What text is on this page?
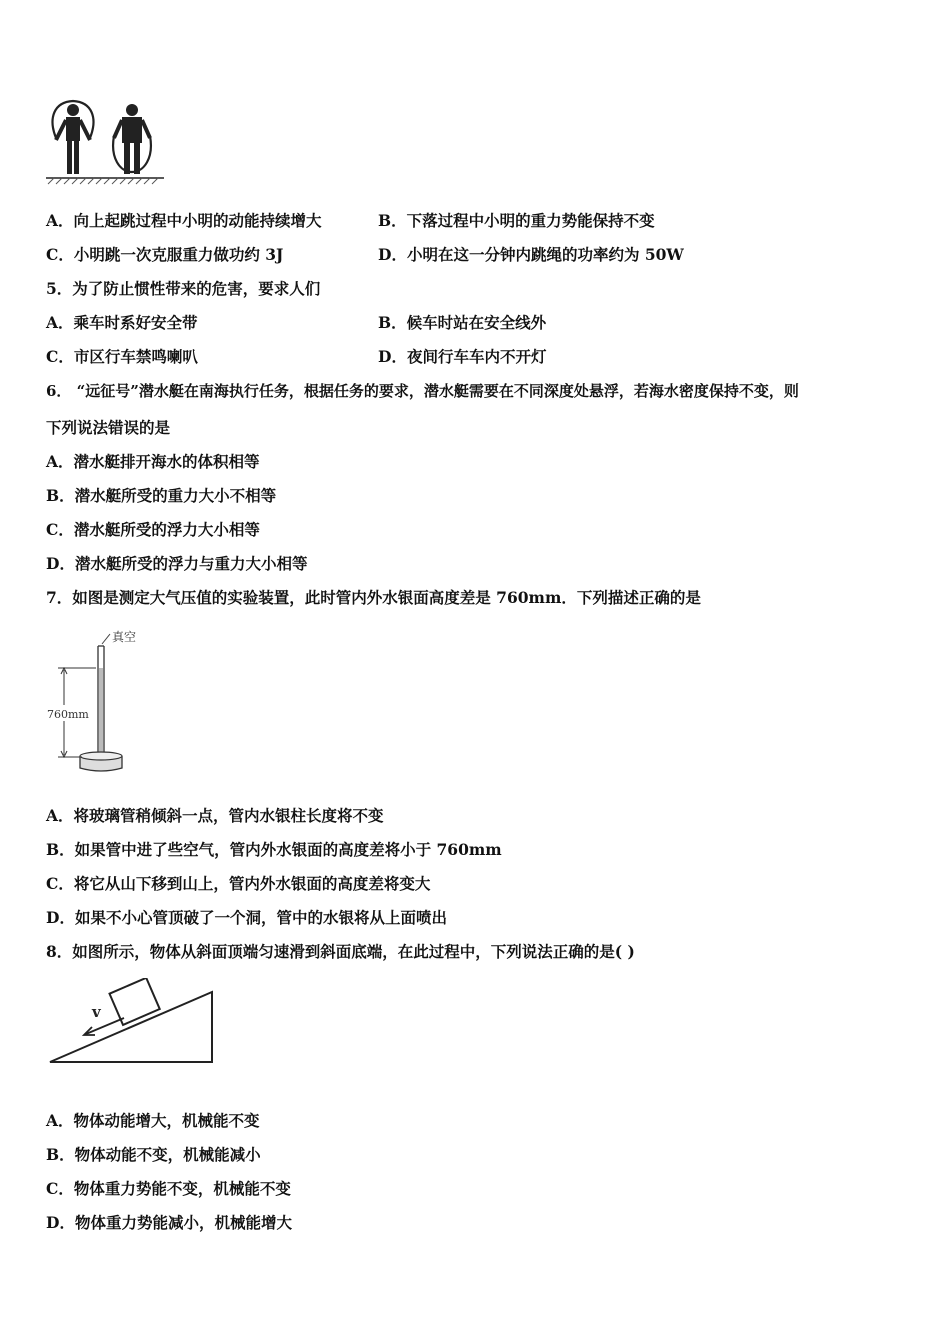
A．向上起跳过程中小明的动能持续增大	B．下落过程中小明的重力势能保持不变
C．小明跳一次克服重力做功约 3J	D．小明在这一分钟内跳绳的功率约为 50W
5．为了防止惯性带来的危害，要求人们
A．乘车时系好安全带	B．候车时站在安全线外
C．市区行车禁鸣喇叭	D．夜间行车车内不开灯
6． “远征号”潜水艇在南海执行任务，根据任务的要求，潜水艇需要在不同深度处悬浮，若海水密度保持不变，则
下列说法错误的是
A．潜水艇排开海水的体积相等
B．潜水艇所受的重力大小不相等
C．潜水艇所受的浮力大小相等
D．潜水艇所受的浮力与重力大小相等
7．如图是测定大气压值的实验装置，此时管内外水银面高度差是 760mm．下列描述正确的是
真空
760mm
A．将玻璃管稍倾斜一点，管内水银柱长度将不变
B．如果管中进了些空气，管内外水银面的高度差将小于 760mm
C．将它从山下移到山上，管内外水银面的高度差将变大
D．如果不小心管顶破了一个洞，管中的水银将从上面喷出
8．如图所示，物体从斜面顶端匀速滑到斜面底端，在此过程中，下列说法正确的是( )
v
A．物体动能增大，机械能不变
B．物体动能不变，机械能减小
C．物体重力势能不变，机械能不变
D．物体重力势能减小，机械能增大
